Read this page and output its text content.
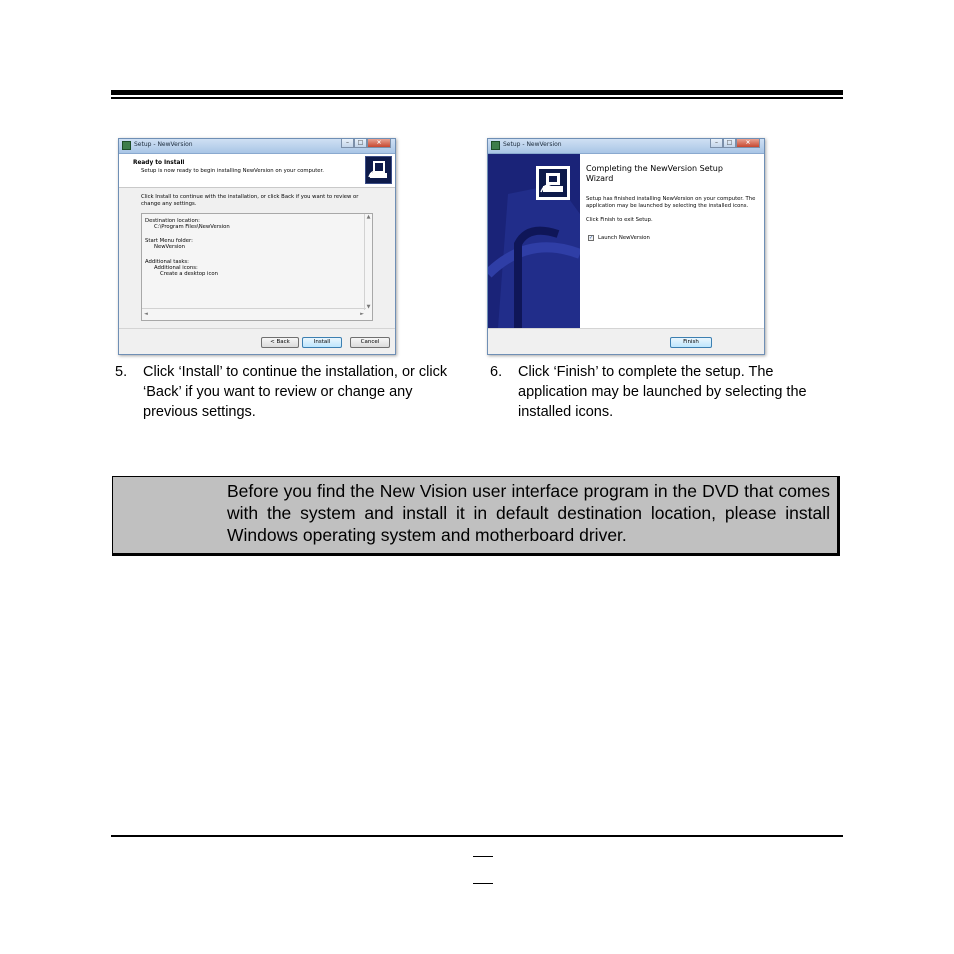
Setup - NewVersion	–	□	×
Ready to Install
Setup is now ready to begin installing NewVersion on your computer.
Click Install to continue with the installation, or click Back if you want to review or change any settings.
Destination location:
C:\Program Files\NewVersion
Start Menu folder:
NewVersion
Additional tasks:
Additional icons:
Create a desktop icon
▲
▼
◄	►
< Back	Install	Cancel
Setup - NewVersion	–	□	×
Completing the NewVersion Setup Wizard
Setup has finished installing NewVersion on your computer. The application may be launched by selecting the installed icons.
Click Finish to exit Setup.
✓ Launch NewVersion
Finish
5. Click ‘Install’ to continue the installation, or click
‘Back’ if you want to review or change any
previous settings.
6. Click ‘Finish’ to complete the setup. The
application may be launched by selecting the
installed icons.
Before you find the New Vision user interface program in the DVD that comes with the system and install it in default destination location, please install Windows operating system and motherboard driver.
